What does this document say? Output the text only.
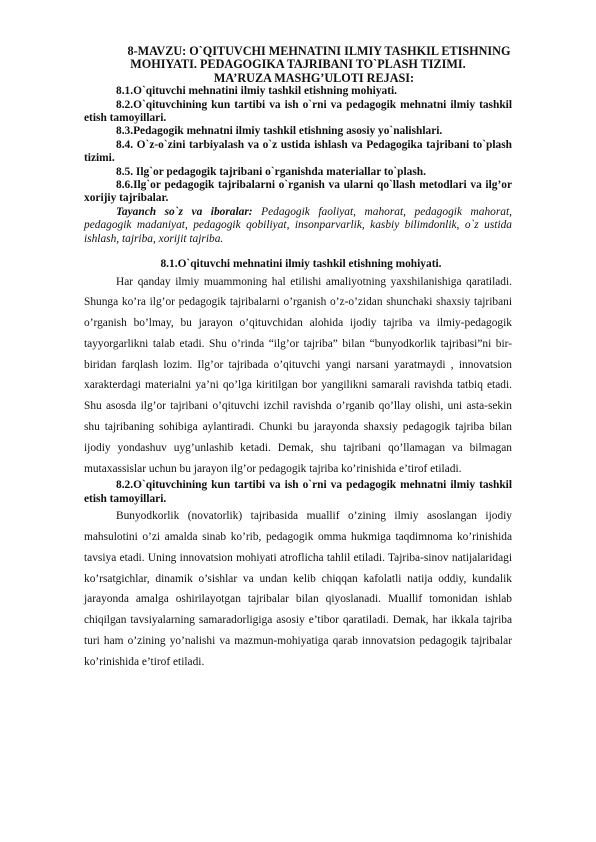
8-MAVZU: O`QITUVCHI MEHNATINI ILMIY TASHKIL ETISHNING
MOHIYATI. PEDAGOGIKA TAJRIBANI TO`PLASH TIZIMI.
MA’RUZA MASHG’ULOTI REJASI:
8.1.O`qituvchi mehnatini ilmiy tashkil etishning mohiyati.
8.2.O`qituvchining kun tartibi va ish o`rni va pedagogik mehnatni ilmiy tashkil etish tamoyillari.
8.3.Pedagogik mehnatni ilmiy tashkil etishning asosiy yo`nalishlari.
8.4. O`z-o`zini tarbiyalash va o`z ustida ishlash va Pedagogika tajribani to`plash tizimi.
8.5. Ilg`or pedagogik tajribani o`rganishda materiallar to`plash.
8.6.Ilg`or pedagogik tajribalarni o`rganish va ularni qo`llash metodlari va ilg’or xorijiy tajribalar.
Tayanch so`z va iboralar: Pedagogik faoliyat, mahorat, pedagogik mahorat, pedagogik madaniyat, pedagogik qobiliyat, insonparvarlik, kasbiy bilimdonlik, o`z ustida ishlash, tajriba, xorijit tajriba.
8.1.O`qituvchi mehnatini ilmiy tashkil etishning mohiyati.

Har qanday ilmiy muammoning hal etilishi amaliyotning yaxshilanishiga qaratiladi. Shunga ko’ra ilg’or pedagogik tajribalarni o’rganish o’z-o’zidan shunchaki shaxsiy tajribani o’rganish bo’lmay, bu jarayon o’qituvchidan alohida ijodiy tajriba va ilmiy-pedagogik tayyorgarlikni talab etadi. Shu o’rinda “ilg’or tajriba” bilan “bunyodkorlik tajribasi”ni bir-biridan farqlash lozim. Ilg’or tajribada o’qituvchi yangi narsani yaratmaydi , innovatsion xarakterdagi materialni ya’ni qo’lga kiritilgan bor yangilikni samarali ravishda tatbiq etadi. Shu asosda ilg’or tajribani o’qituvchi izchil ravishda o’rganib qo’llay olishi, uni asta-sekin shu tajribaning sohibiga aylantiradi. Chunki bu jarayonda shaxsiy pedagogik tajriba bilan ijodiy yondashuv uyg’unlashib ketadi. Demak, shu tajribani qo’llamagan va bilmagan mutaxassislar uchun bu jarayon ilg’or pedagogik tajriba ko’rinishida e’tirof etiladi.

8.2.O`qituvchining kun tartibi va ish o`rni va pedagogik mehnatni ilmiy tashkil etish tamoyillari.

Bunyodkorlik (novatorlik) tajribasida muallif o’zining ilmiy asoslangan ijodiy mahsulotini o’zi amalda sinab ko’rib, pedagogik omma hukmiga taqdimnoma ko’rinishida tavsiya etadi. Uning innovatsion mohiyati atroflicha tahlil etiladi. Tajriba-sinov natijalaridagi ko’rsatgichlar, dinamik o’sishlar va undan kelib chiqqan kafolatli natija oddiy, kundalik jarayonda amalga oshirilayotgan tajribalar bilan qiyoslanadi. Muallif tomonidan ishlab chiqilgan tavsiyalarning samaradorligiga asosiy e’tibor qaratiladi. Demak, har ikkala tajriba turi ham o’zining yo’nalishi va mazmun-mohiyatiga qarab innovatsion pedagogik tajribalar ko’rinishida e’tirof etiladi.
